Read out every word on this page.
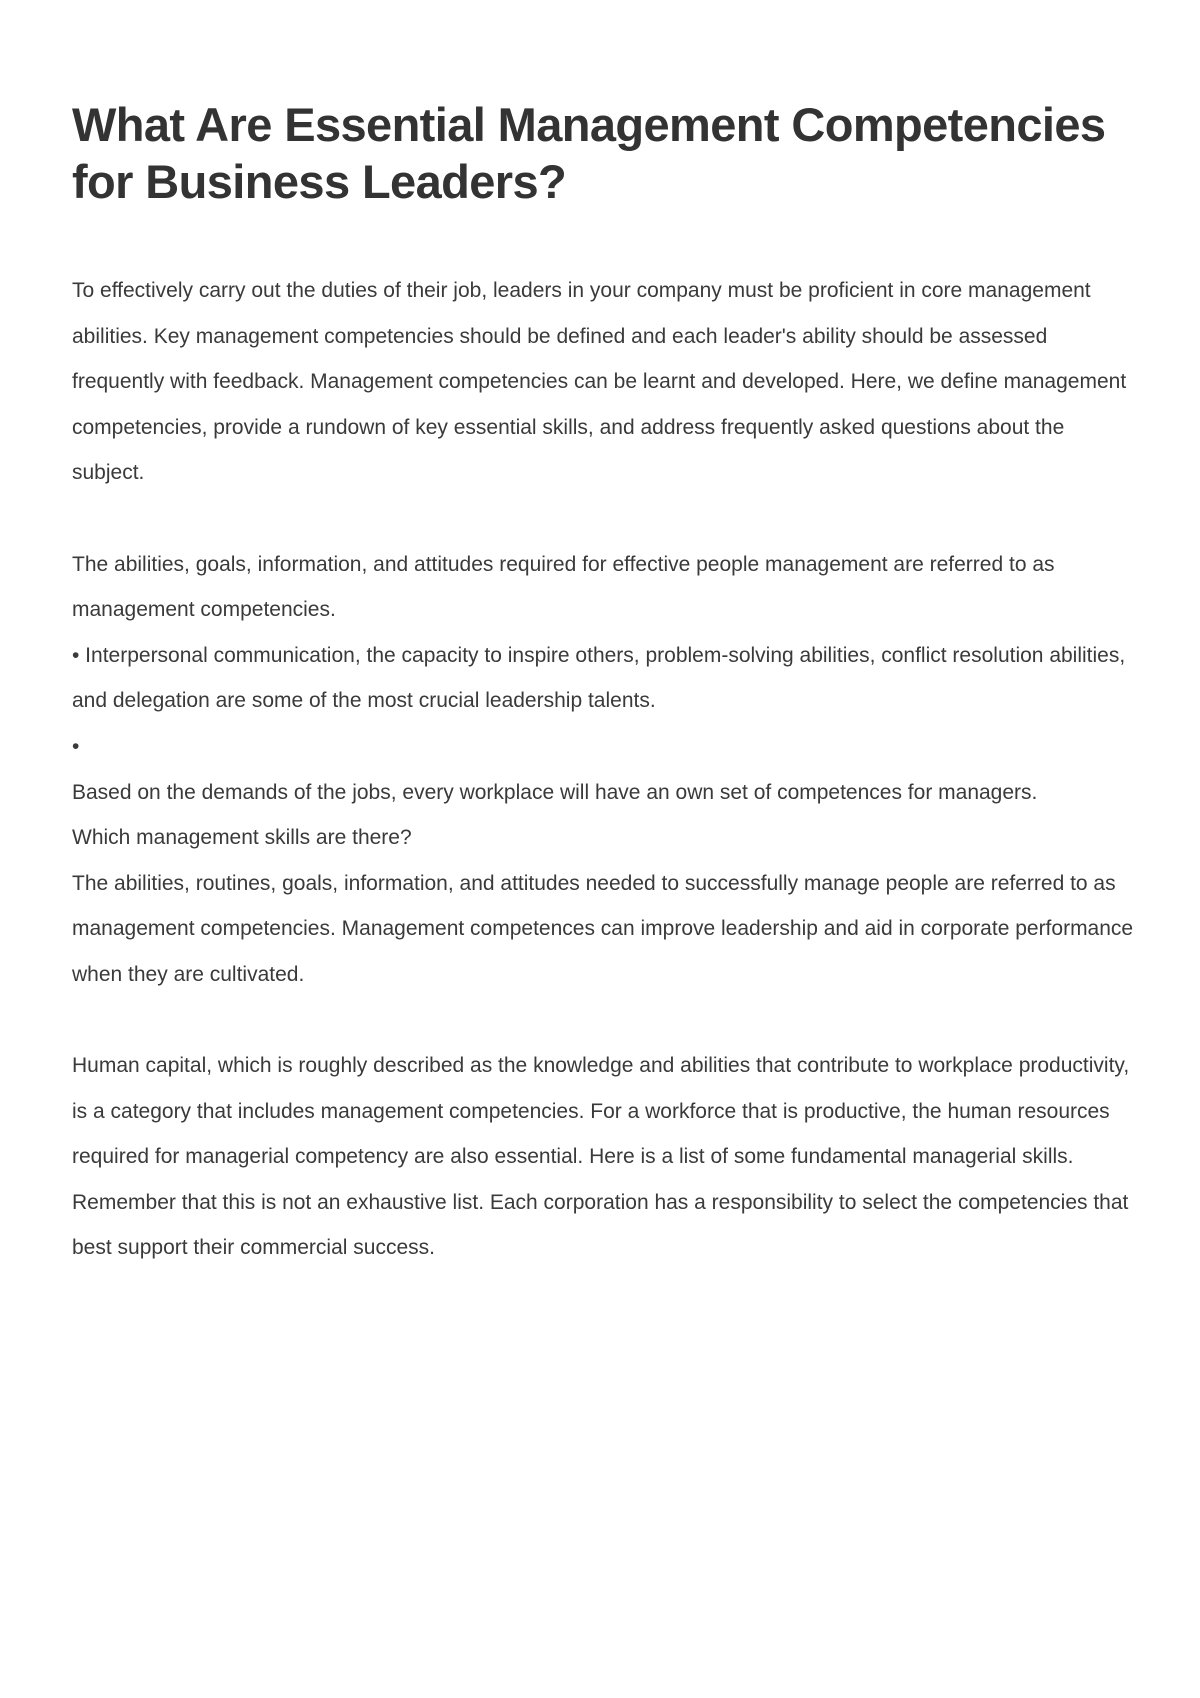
What Are Essential Management Competencies for Business Leaders?

To effectively carry out the duties of their job, leaders in your company must be proficient in core management abilities. Key management competencies should be defined and each leader's ability should be assessed frequently with feedback. Management competencies can be learnt and developed. Here, we define management competencies, provide a rundown of key essential skills, and address frequently asked questions about the subject.

The abilities, goals, information, and attitudes required for effective people management are referred to as management competencies.

• Interpersonal communication, the capacity to inspire others, problem-solving abilities, conflict resolution abilities, and delegation are some of the most crucial leadership talents.

•

Based on the demands of the jobs, every workplace will have an own set of competences for managers.

Which management skills are there?

The abilities, routines, goals, information, and attitudes needed to successfully manage people are referred to as management competencies. Management competences can improve leadership and aid in corporate performance when they are cultivated.

Human capital, which is roughly described as the knowledge and abilities that contribute to workplace productivity, is a category that includes management competencies. For a workforce that is productive, the human resources required for managerial competency are also essential. Here is a list of some fundamental managerial skills. Remember that this is not an exhaustive list. Each corporation has a responsibility to select the competencies that best support their commercial success.
